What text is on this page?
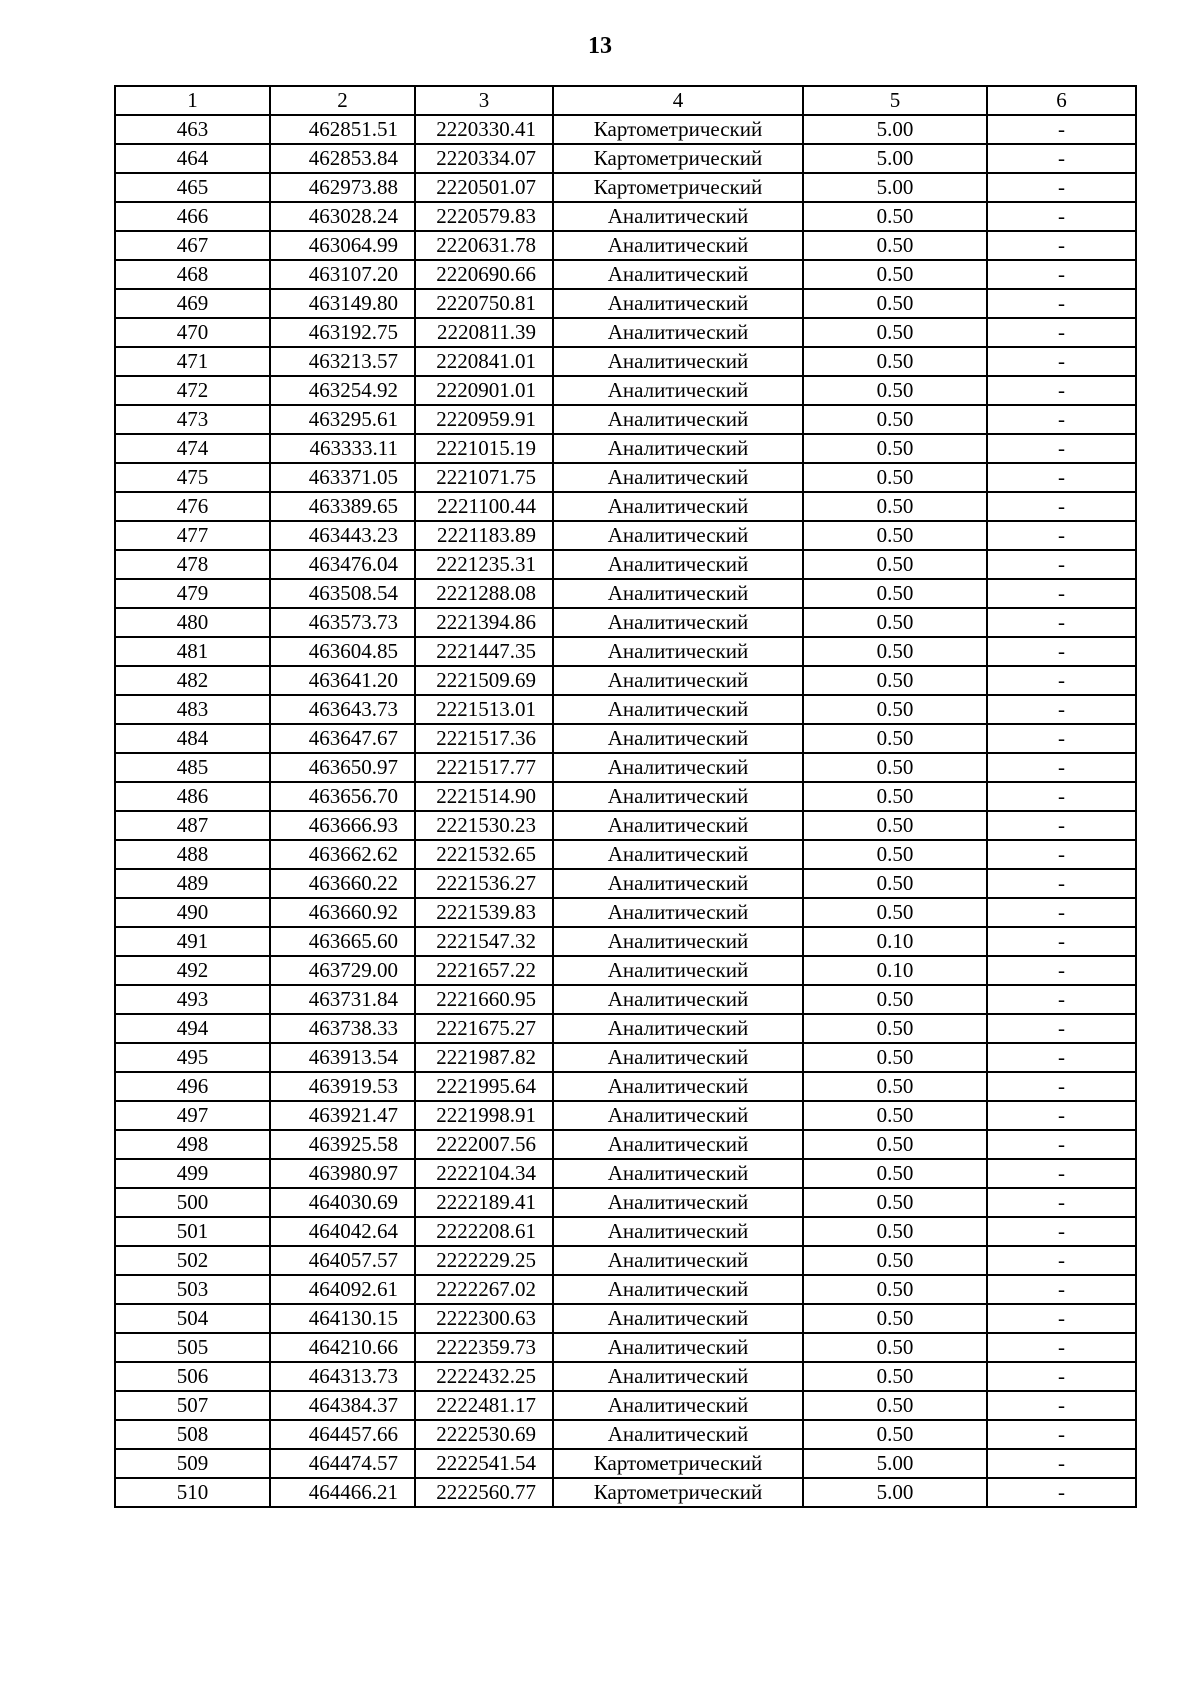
13
1	2	3	4	5	6
463	462851.51	2220330.41	Картометрический	5.00	-
464	462853.84	2220334.07	Картометрический	5.00	-
465	462973.88	2220501.07	Картометрический	5.00	-
466	463028.24	2220579.83	Аналитический	0.50	-
467	463064.99	2220631.78	Аналитический	0.50	-
468	463107.20	2220690.66	Аналитический	0.50	-
469	463149.80	2220750.81	Аналитический	0.50	-
470	463192.75	2220811.39	Аналитический	0.50	-
471	463213.57	2220841.01	Аналитический	0.50	-
472	463254.92	2220901.01	Аналитический	0.50	-
473	463295.61	2220959.91	Аналитический	0.50	-
474	463333.11	2221015.19	Аналитический	0.50	-
475	463371.05	2221071.75	Аналитический	0.50	-
476	463389.65	2221100.44	Аналитический	0.50	-
477	463443.23	2221183.89	Аналитический	0.50	-
478	463476.04	2221235.31	Аналитический	0.50	-
479	463508.54	2221288.08	Аналитический	0.50	-
480	463573.73	2221394.86	Аналитический	0.50	-
481	463604.85	2221447.35	Аналитический	0.50	-
482	463641.20	2221509.69	Аналитический	0.50	-
483	463643.73	2221513.01	Аналитический	0.50	-
484	463647.67	2221517.36	Аналитический	0.50	-
485	463650.97	2221517.77	Аналитический	0.50	-
486	463656.70	2221514.90	Аналитический	0.50	-
487	463666.93	2221530.23	Аналитический	0.50	-
488	463662.62	2221532.65	Аналитический	0.50	-
489	463660.22	2221536.27	Аналитический	0.50	-
490	463660.92	2221539.83	Аналитический	0.50	-
491	463665.60	2221547.32	Аналитический	0.10	-
492	463729.00	2221657.22	Аналитический	0.10	-
493	463731.84	2221660.95	Аналитический	0.50	-
494	463738.33	2221675.27	Аналитический	0.50	-
495	463913.54	2221987.82	Аналитический	0.50	-
496	463919.53	2221995.64	Аналитический	0.50	-
497	463921.47	2221998.91	Аналитический	0.50	-
498	463925.58	2222007.56	Аналитический	0.50	-
499	463980.97	2222104.34	Аналитический	0.50	-
500	464030.69	2222189.41	Аналитический	0.50	-
501	464042.64	2222208.61	Аналитический	0.50	-
502	464057.57	2222229.25	Аналитический	0.50	-
503	464092.61	2222267.02	Аналитический	0.50	-
504	464130.15	2222300.63	Аналитический	0.50	-
505	464210.66	2222359.73	Аналитический	0.50	-
506	464313.73	2222432.25	Аналитический	0.50	-
507	464384.37	2222481.17	Аналитический	0.50	-
508	464457.66	2222530.69	Аналитический	0.50	-
509	464474.57	2222541.54	Картометрический	5.00	-
510	464466.21	2222560.77	Картометрический	5.00	-
